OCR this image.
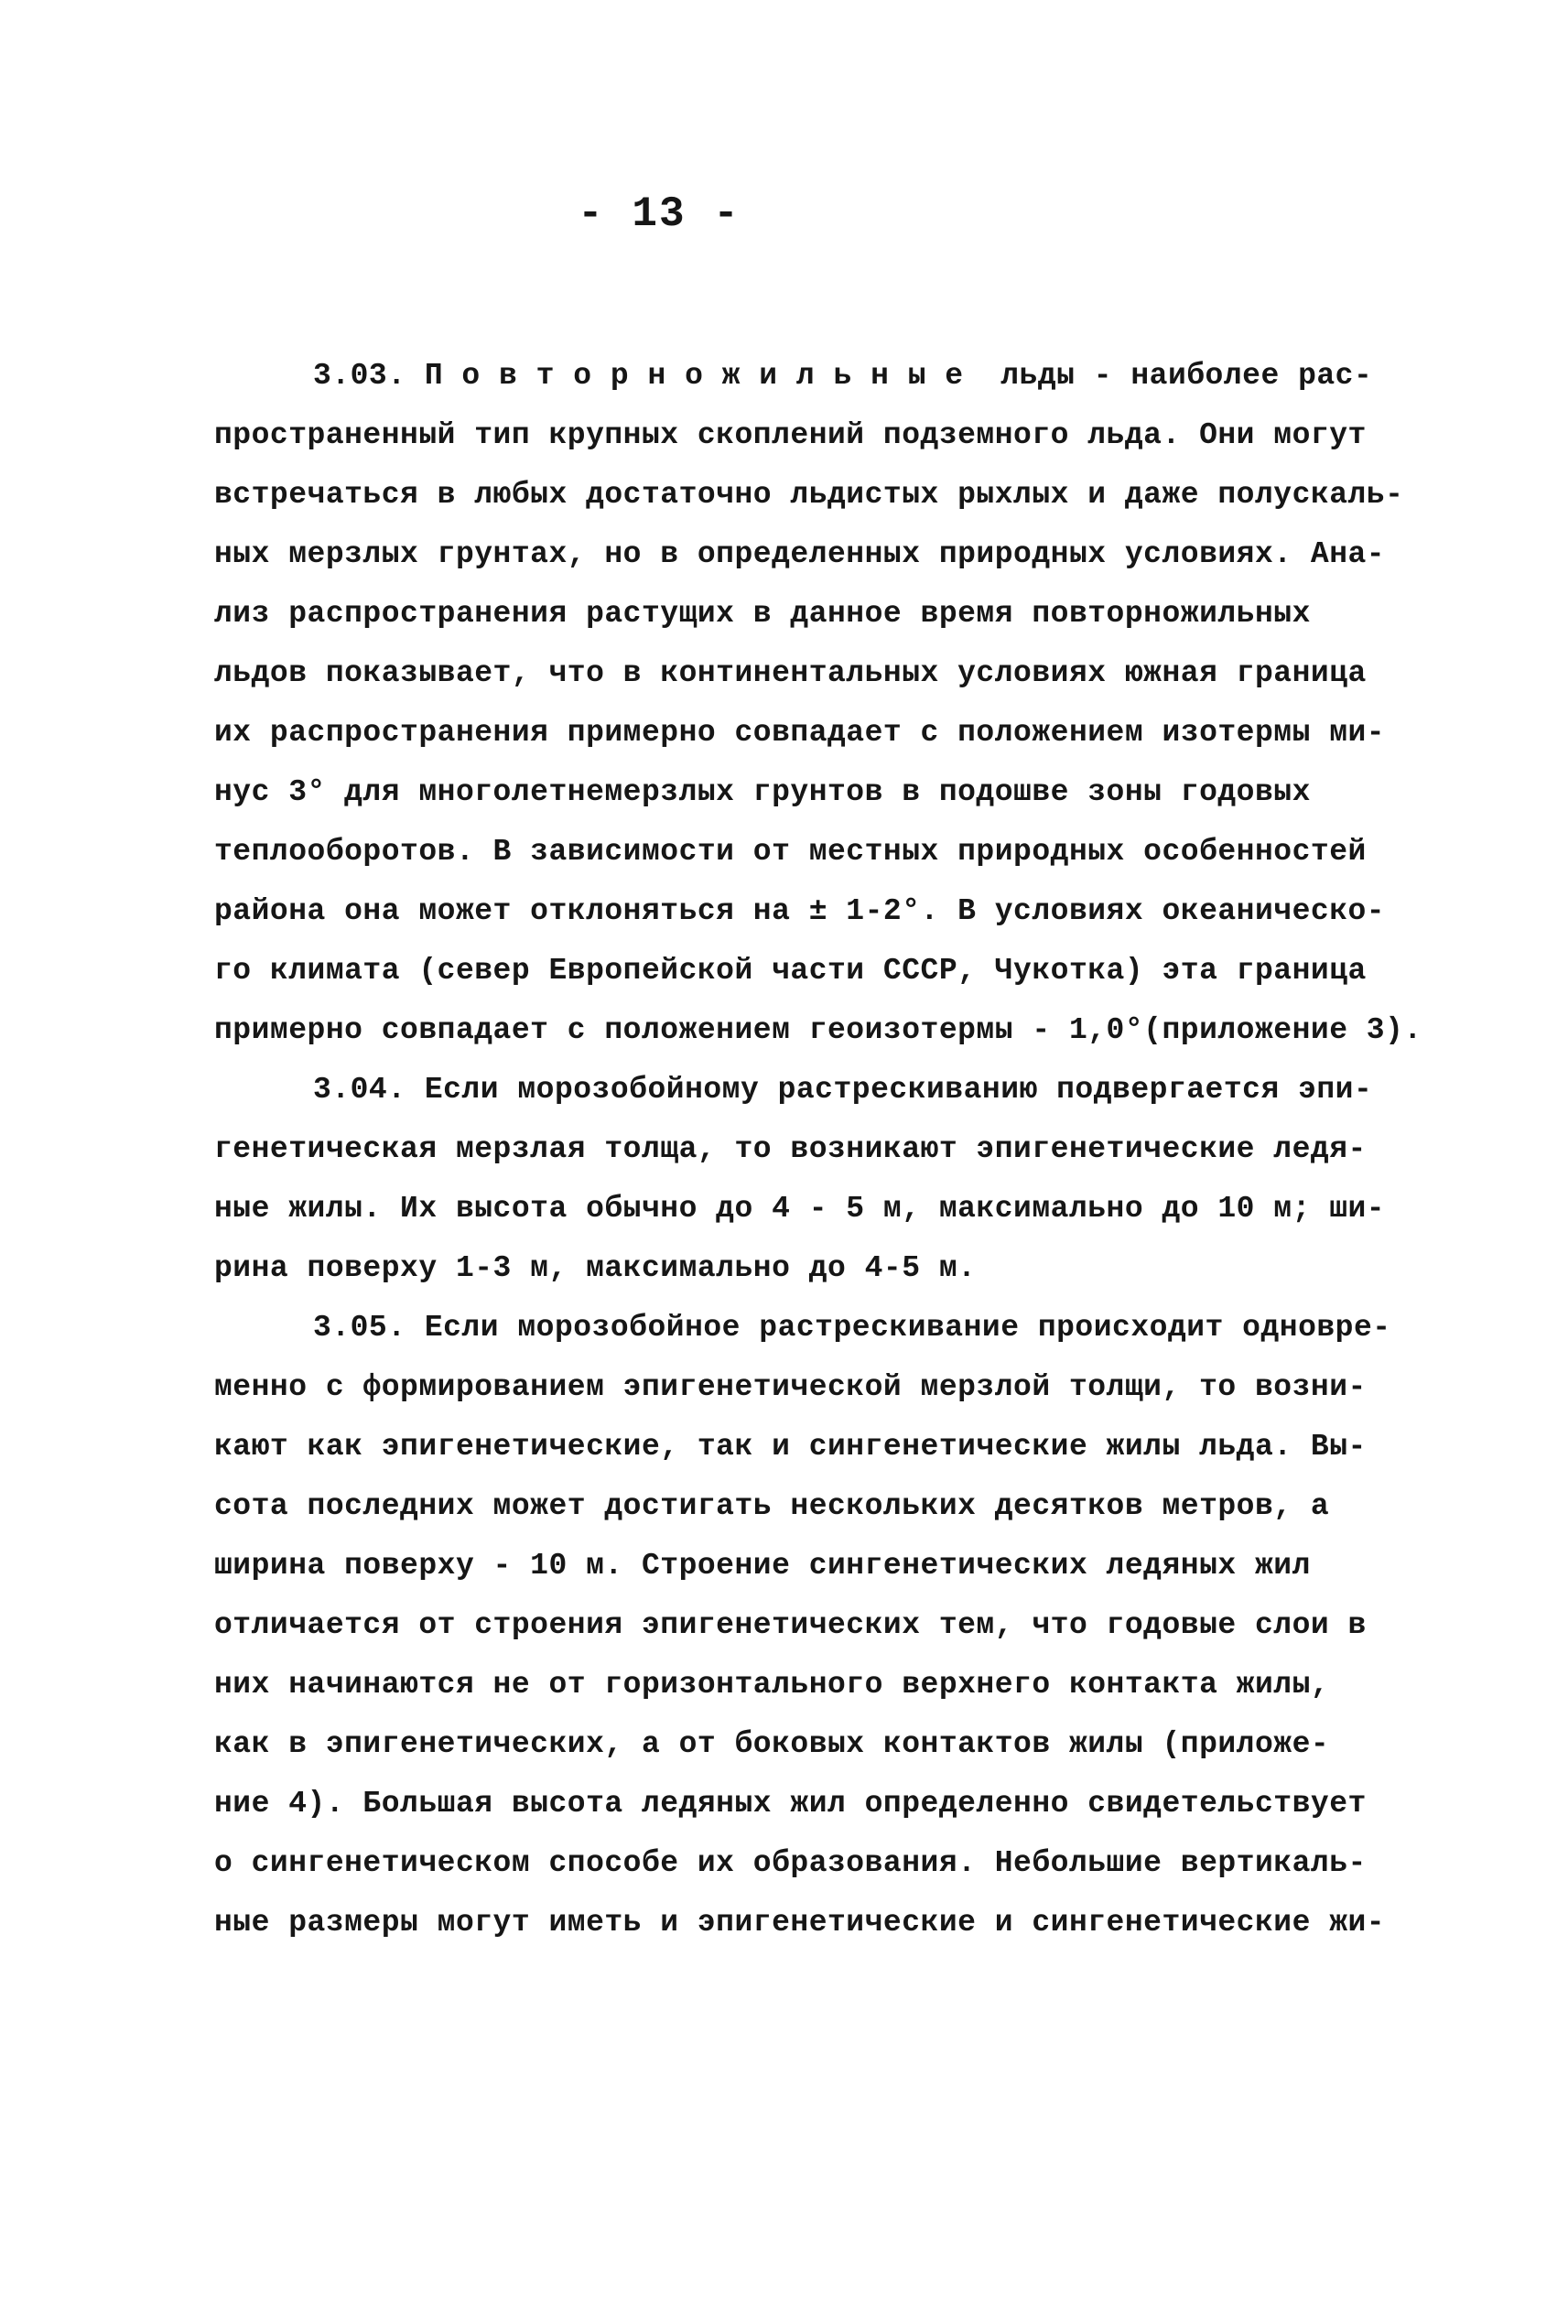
- 13 -
3.03. П о в т о р н о ж и л ь н ы е  льды - наиболее рас-
пространенный тип крупных скоплений подземного льда. Они могут
встречаться в любых достаточно льдистых рыхлых и даже полускаль-
ных мерзлых грунтах, но в определенных природных условиях. Ана-
лиз распространения растущих в данное время повторножильных
льдов показывает, что в континентальных условиях южная граница
их распространения примерно совпадает с положением изотермы ми-
нус 3° для многолетнемерзлых грунтов в подошве зоны годовых
теплооборотов. В зависимости от местных природных особенностей
района она может отклоняться на ± 1-2°. В условиях океаническо-
го климата (север Европейской части СССР, Чукотка) эта граница
примерно совпадает с положением геоизотермы - 1,0°(приложение 3).
3.04. Если морозобойному растрескиванию подвергается эпи-
генетическая мерзлая толща, то возникают эпигенетические ледя-
ные жилы. Их высота обычно до 4 - 5 м, максимально до 10 м; ши-
рина поверху 1-3 м, максимально до 4-5 м.
3.05. Если морозобойное растрескивание происходит одновре-
менно с формированием эпигенетической мерзлой толщи, то возни-
кают как эпигенетические, так и сингенетические жилы льда. Вы-
сота последних может достигать нескольких десятков метров, а
ширина поверху - 10 м. Строение сингенетических ледяных жил
отличается от строения эпигенетических тем, что годовые слои в
них начинаются не от горизонтального верхнего контакта жилы,
как в эпигенетических, а от боковых контактов жилы (приложе-
ние 4). Большая высота ледяных жил определенно свидетельствует
о сингенетическом способе их образования. Небольшие вертикаль-
ные размеры могут иметь и эпигенетические и сингенетические жи-
